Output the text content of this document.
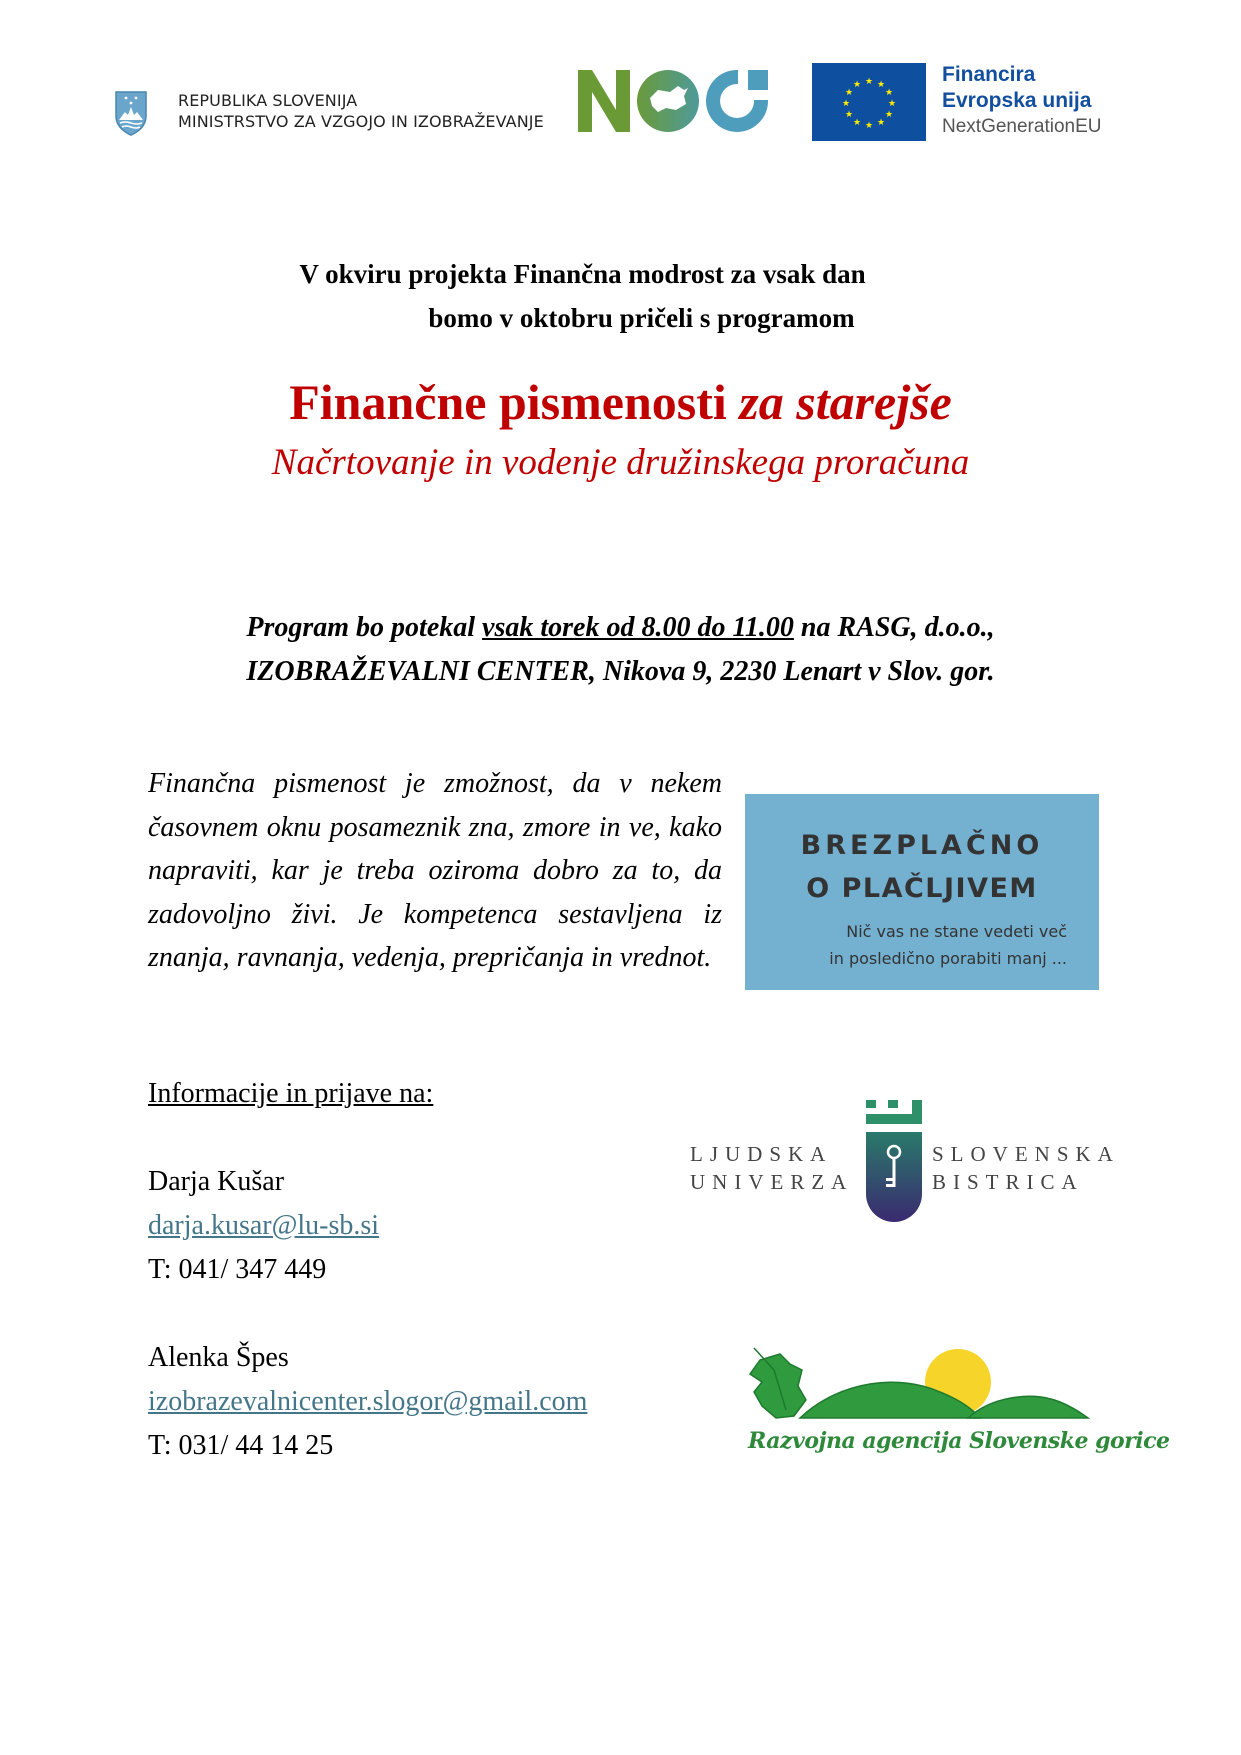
REPUBLIKA SLOVENIJA
MINISTRSTVO ZA VZGOJO IN IZOBRAŽEVANJE
★ ★
★
★
★
★
★
★
★
★
★
★	Financira
Evropska unija
NextGenerationEU
V okviru projekta Finančna modrost za vsak dan
bomo v oktobru pričeli s programom
Finančne pismenosti za starejše
Načrtovanje in vodenje družinskega proračuna
Program bo potekal vsak torek od 8.00 do 11.00 na RASG, d.o.o.,
IZOBRAŽEVALNI CENTER, Nikova 9, 2230 Lenart v Slov. gor.
Finančna pismenost je zmožnost, da v nekem časovnem oknu posameznik zna, zmore in ve, kako napraviti, kar je treba oziroma dobro za to, da zadovoljno živi. Je kompetenca sestavljena iz znanja, ravnanja, vedenja, prepričanja in vrednot.
BREZPLAČNO
O PLAČLJIVEM
Nič vas ne stane vedeti več
in posledično porabiti manj ...
Informacije in prijave na:
Darja Kušar
darja.kusar@lu-sb.si
T: 041/ 347 449
Alenka Špes
izobrazevalnicenter.slogor@gmail.com
T: 031/ 44 14 25
LJUDSKA
UNIVERZA
SLOVENSKA
BISTRICA
Razvojna agencija Slovenske gorice
